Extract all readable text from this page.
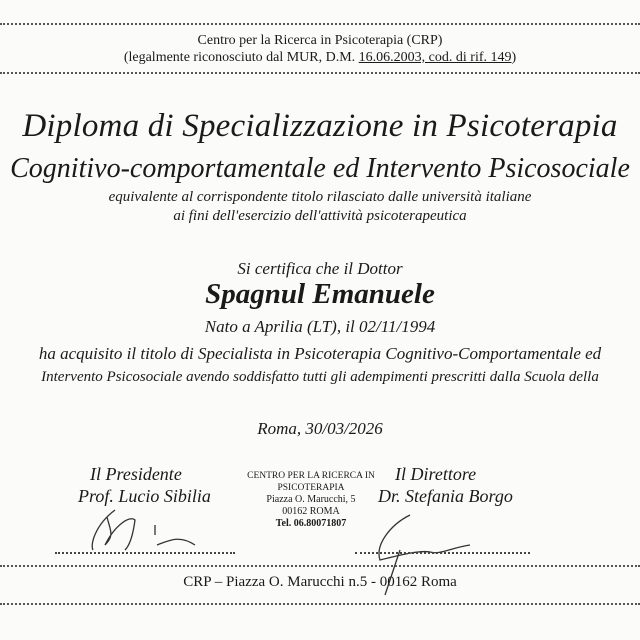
Centro per la Ricerca in Psicoterapia (CRP)
(legalmente riconosciuto dal MUR, D.M. 16.06.2003, cod. di rif. 149)
Diploma di Specializzazione in Psicoterapia
Cognitivo-comportamentale ed Intervento Psicosociale
equivalente al corrispondente titolo rilasciato dalle università italiane
ai fini dell'esercizio dell'attività psicoterapeutica
Si certifica che il Dottor
Spagnul Emanuele
Nato a Aprilia (LT), il 02/11/1994
ha acquisito il titolo di Specialista in Psicoterapia Cognitivo-Comportamentale ed
Intervento Psicosociale avendo soddisfatto tutti gli adempimenti prescritti dalla Scuola della
Roma, 30/03/2026
Il Presidente
Prof. Lucio Sibilia
Il Direttore
Dr. Stefania Borgo
CENTRO PER LA RICERCA IN PSICOTERAPIA
Piazza O. Marucchi, 5
00162 ROMA
Tel. 06.80071807
CRP – Piazza O. Marucchi n.5 - 00162 Roma
